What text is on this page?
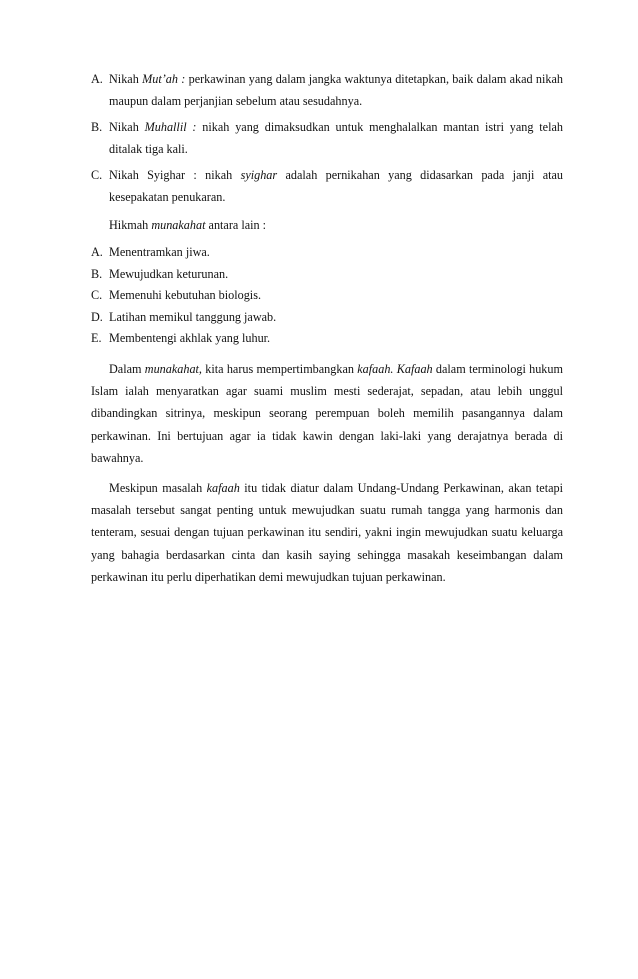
A. Nikah Mut’ah : perkawinan yang dalam jangka waktunya ditetapkan, baik dalam akad nikah maupun dalam perjanjian sebelum atau sesudahnya.
B. Nikah Muhallil : nikah yang dimaksudkan untuk menghalalkan mantan istri yang telah ditalak tiga kali.
C. Nikah Syighar : nikah syighar adalah pernikahan yang didasarkan pada janji atau kesepakatan penukaran.
Hikmah munakahat antara lain :
A. Menentramkan jiwa.
B. Mewujudkan keturunan.
C. Memenuhi kebutuhan biologis.
D. Latihan memikul tanggung jawab.
E. Membentengi akhlak yang luhur.

Dalam munakahat, kita harus mempertimbangkan kafaah. Kafaah dalam terminologi hukum Islam ialah menyaratkan agar suami muslim mesti sederajat, sepadan, atau lebih unggul dibandingkan sitrinya, meskipun seorang perempuan boleh memilih pasangannya dalam perkawinan. Ini bertujuan agar ia tidak kawin dengan laki-laki yang derajatnya berada di bawahnya.

Meskipun masalah kafaah itu tidak diatur dalam Undang-Undang Perkawinan, akan tetapi masalah tersebut sangat penting untuk mewujudkan suatu rumah tangga yang harmonis dan tenteram, sesuai dengan tujuan perkawinan itu sendiri, yakni ingin mewujudkan suatu keluarga yang bahagia berdasarkan cinta dan kasih saying sehingga masakah keseimbangan dalam perkawinan itu perlu diperhatikan demi mewujudkan tujuan perkawinan.
